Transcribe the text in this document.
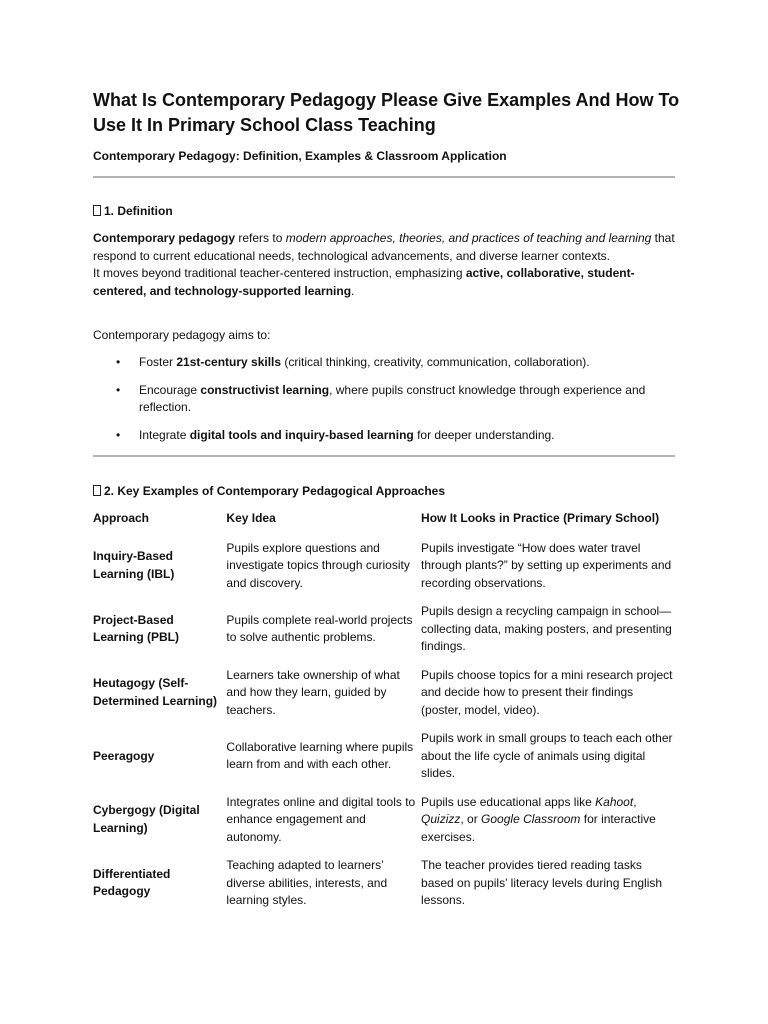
What Is Contemporary Pedagogy Please Give Examples And How To Use It In Primary School Class Teaching

Contemporary Pedagogy: Definition, Examples & Classroom Application

1. Definition

Contemporary pedagogy refers to modern approaches, theories, and practices of teaching and learning that respond to current educational needs, technological advancements, and diverse learner contexts.
It moves beyond traditional teacher-centered instruction, emphasizing active, collaborative, student-centered, and technology-supported learning.

Contemporary pedagogy aims to:

• Foster 21st-century skills (critical thinking, creativity, communication, collaboration).
• Encourage constructivist learning, where pupils construct knowledge through experience and reflection.
• Integrate digital tools and inquiry-based learning for deeper understanding.

2. Key Examples of Contemporary Pedagogical Approaches

Approach	Key Idea	How It Looks in Practice (Primary School)
Inquiry-Based Learning (IBL)	Pupils explore questions and investigate topics through curiosity and discovery.	Pupils investigate “How does water travel through plants?” by setting up experiments and recording observations.
Project-Based Learning (PBL)	Pupils complete real-world projects to solve authentic problems.	Pupils design a recycling campaign in school—collecting data, making posters, and presenting findings.
Heutagogy (Self-Determined Learning)	Learners take ownership of what and how they learn, guided by teachers.	Pupils choose topics for a mini research project and decide how to present their findings (poster, model, video).
Peeragogy	Collaborative learning where pupils learn from and with each other.	Pupils work in small groups to teach each other about the life cycle of animals using digital slides.
Cybergogy (Digital Learning)	Integrates online and digital tools to enhance engagement and autonomy.	Pupils use educational apps like Kahoot, Quizizz, or Google Classroom for interactive exercises.
Differentiated Pedagogy	Teaching adapted to learners’ diverse abilities, interests, and learning styles.	The teacher provides tiered reading tasks based on pupils’ literacy levels during English lessons.
